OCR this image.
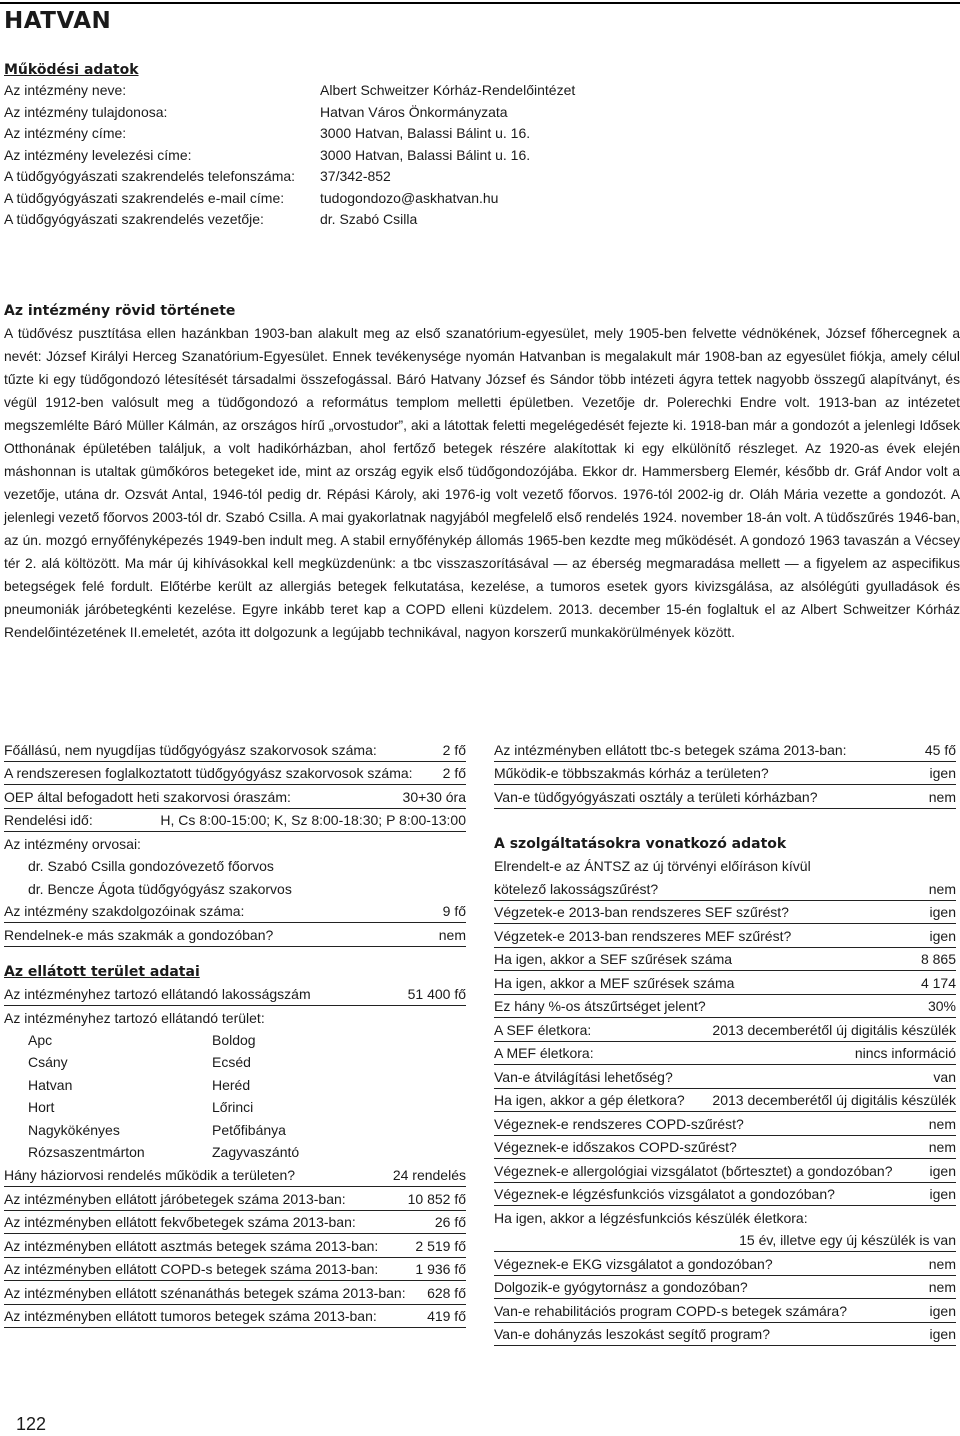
HATVAN
Működési adatok
Az intézmény neve:	Albert Schweitzer Kórház-Rendelőintézet
Az intézmény tulajdonosa:	Hatvan Város Önkormányzata
Az intézmény címe:	3000 Hatvan, Balassi Bálint u. 16.
Az intézmény levelezési címe:	3000 Hatvan, Balassi Bálint u. 16.
A tüdőgyógyászati szakrendelés telefonszáma:	37/342-852
A tüdőgyógyászati szakrendelés e-mail címe:	tudogondozo@askhatvan.hu
A tüdőgyógyászati szakrendelés vezetője:	dr. Szabó Csilla
Az intézmény rövid története

A tüdővész pusztítása ellen hazánkban 1903-ban alakult meg az első szanatórium-egyesület, mely 1905-ben felvette védnökének, József főhercegnek a nevét: József Királyi Herceg Szanatórium-Egyesület. Ennek tevékenysége nyomán Hatvanban is megalakult már 1908-ban az egyesület fiókja, amely célul tűzte ki egy tüdőgondozó létesítését társadalmi összefogással. Báró Hatvany József és Sándor több intézeti ágyra tettek nagyobb összegű alapítványt, és végül 1912-ben valósult meg a tüdőgondozó a református templom melletti épületben. Vezetője dr. Polerechki Endre volt. 1913-ban az intézetet megszemlélte Báró Müller Kálmán, az országos hírű „orvostudor”, aki a látottak feletti megelégedését fejezte ki. 1918-ban már a gondozót a jelenlegi Idősek Otthonának épületében találjuk, a volt hadikórházban, ahol fertőző betegek részére alakítottak ki egy elkülönítő részleget. Az 1920-as évek elején máshonnan is utaltak gümőkóros betegeket ide, mint az ország egyik első tüdőgondozójába. Ekkor dr. Hammersberg Elemér, később dr. Gráf Andor volt a vezetője, utána dr. Ozsvát Antal, 1946-tól pedig dr. Répási Károly, aki 1976-ig volt vezető főorvos. 1976-tól 2002-ig dr. Oláh Mária vezette a gondozót. A jelenlegi vezető főorvos 2003-tól dr. Szabó Csilla. A mai gyakorlatnak nagyjából megfelelő első rendelés 1924. november 18-án volt. A tüdőszűrés 1946-ban, az ún. mozgó ernyőfényképezés 1949-ben indult meg. A stabil ernyőfénykép állomás 1965-ben kezdte meg működését. A gondozó 1963 tavaszán a Vécsey tér 2. alá költözött. Ma már új kihívásokkal kell megküzdenünk: a tbc visszaszorításával — az éberség megmaradása mellett — a figyelem az aspecifikus betegségek felé fordult. Előtérbe került az allergiás betegek felkutatása, kezelése, a tumoros esetek gyors kivizsgálása, az alsólégúti gyulladások és pneumoniák járóbetegkénti kezelése. Egyre inkább teret kap a COPD elleni küzdelem. 2013. december 15-én foglaltuk el az Albert Schweitzer Kórház Rendelőintézetének II.emeletét, azóta itt dolgozunk a legújabb technikával, nagyon korszerű munkakörülmények között.

Főállású, nem nyugdíjas tüdőgyógyász szakorvosok száma:	2 fő
A rendszeresen foglalkoztatott tüdőgyógyász szakorvosok száma: 2 fő
OEP által befogadott heti szakorvosi óraszám:	30+30 óra
Rendelési idő:	H, Cs 8:00-15:00; K, Sz 8:00-18:30; P 8:00-13:00
Az intézmény orvosai:
dr. Szabó Csilla gondozóvezető főorvos
dr. Bencze Ágota tüdőgyógyász szakorvos
Az intézmény szakdolgozóinak száma:	9 fő
Rendelnek-e más szakmák a gondozóban?	nem
Az ellátott terület adatai
Az intézményhez tartozó ellátandó lakosságszám	51 400 fő
Az intézményhez tartozó ellátandó terület:
Apc	Boldog
Csány	Ecséd
Hatvan	Heréd
Hort	Lőrinci
Nagykökényes	Petőfibánya
Rózsaszentmárton	Zagyvaszántó
Hány háziorvosi rendelés működik a területen?	24 rendelés
Az intézményben ellátott járóbetegek száma 2013-ban:	10 852 fő
Az intézményben ellátott fekvőbetegek száma 2013-ban:	26 fő
Az intézményben ellátott asztmás betegek száma 2013-ban:	2 519 fő
Az intézményben ellátott COPD-s betegek száma 2013-ban:	1 936 fő
Az intézményben ellátott szénanáthás betegek száma 2013-ban: 628 fő
Az intézményben ellátott tumoros betegek száma 2013-ban:	419 fő
Az intézményben ellátott tbc-s betegek száma 2013-ban:	45 fő
Működik-e többszakmás kórház a területen?	igen
Van-e tüdőgyógyászati osztály a területi kórházban?	nem
A szolgáltatásokra vonatkozó adatok
Elrendelt-e az ÁNTSZ az új törvényi előíráson kívül
kötelező lakosságszűrést?	nem
Végzetek-e 2013-ban rendszeres SEF szűrést?	igen
Végzetek-e 2013-ban rendszeres MEF szűrést?	igen
Ha igen, akkor a SEF szűrések száma	8 865
Ha igen, akkor a MEF szűrések száma	4 174
Ez hány %-os átszűrtséget jelent?	30%
A SEF életkora:	2013 decemberétől új digitális készülék
A MEF életkora:	nincs információ
Van-e átvilágítási lehetőség?	van
Ha igen, akkor a gép életkora? 2013 decemberétől új digitális készülék
Végeznek-e rendszeres COPD-szűrést?	nem
Végeznek-e időszakos COPD-szűrést?	nem
Végeznek-e allergológiai vizsgálatot (bőrtesztet) a gondozóban?	igen
Végeznek-e légzésfunkciós vizsgálatot a gondozóban?	igen
Ha igen, akkor a légzésfunkciós készülék életkora:
15 év, illetve egy új készülék is van
Végeznek-e EKG vizsgálatot a gondozóban?	nem
Dolgozik-e gyógytornász a gondozóban?	nem
Van-e rehabilitációs program COPD-s betegek számára?	igen
Van-e dohányzás leszokást segítő program?	igen
122
